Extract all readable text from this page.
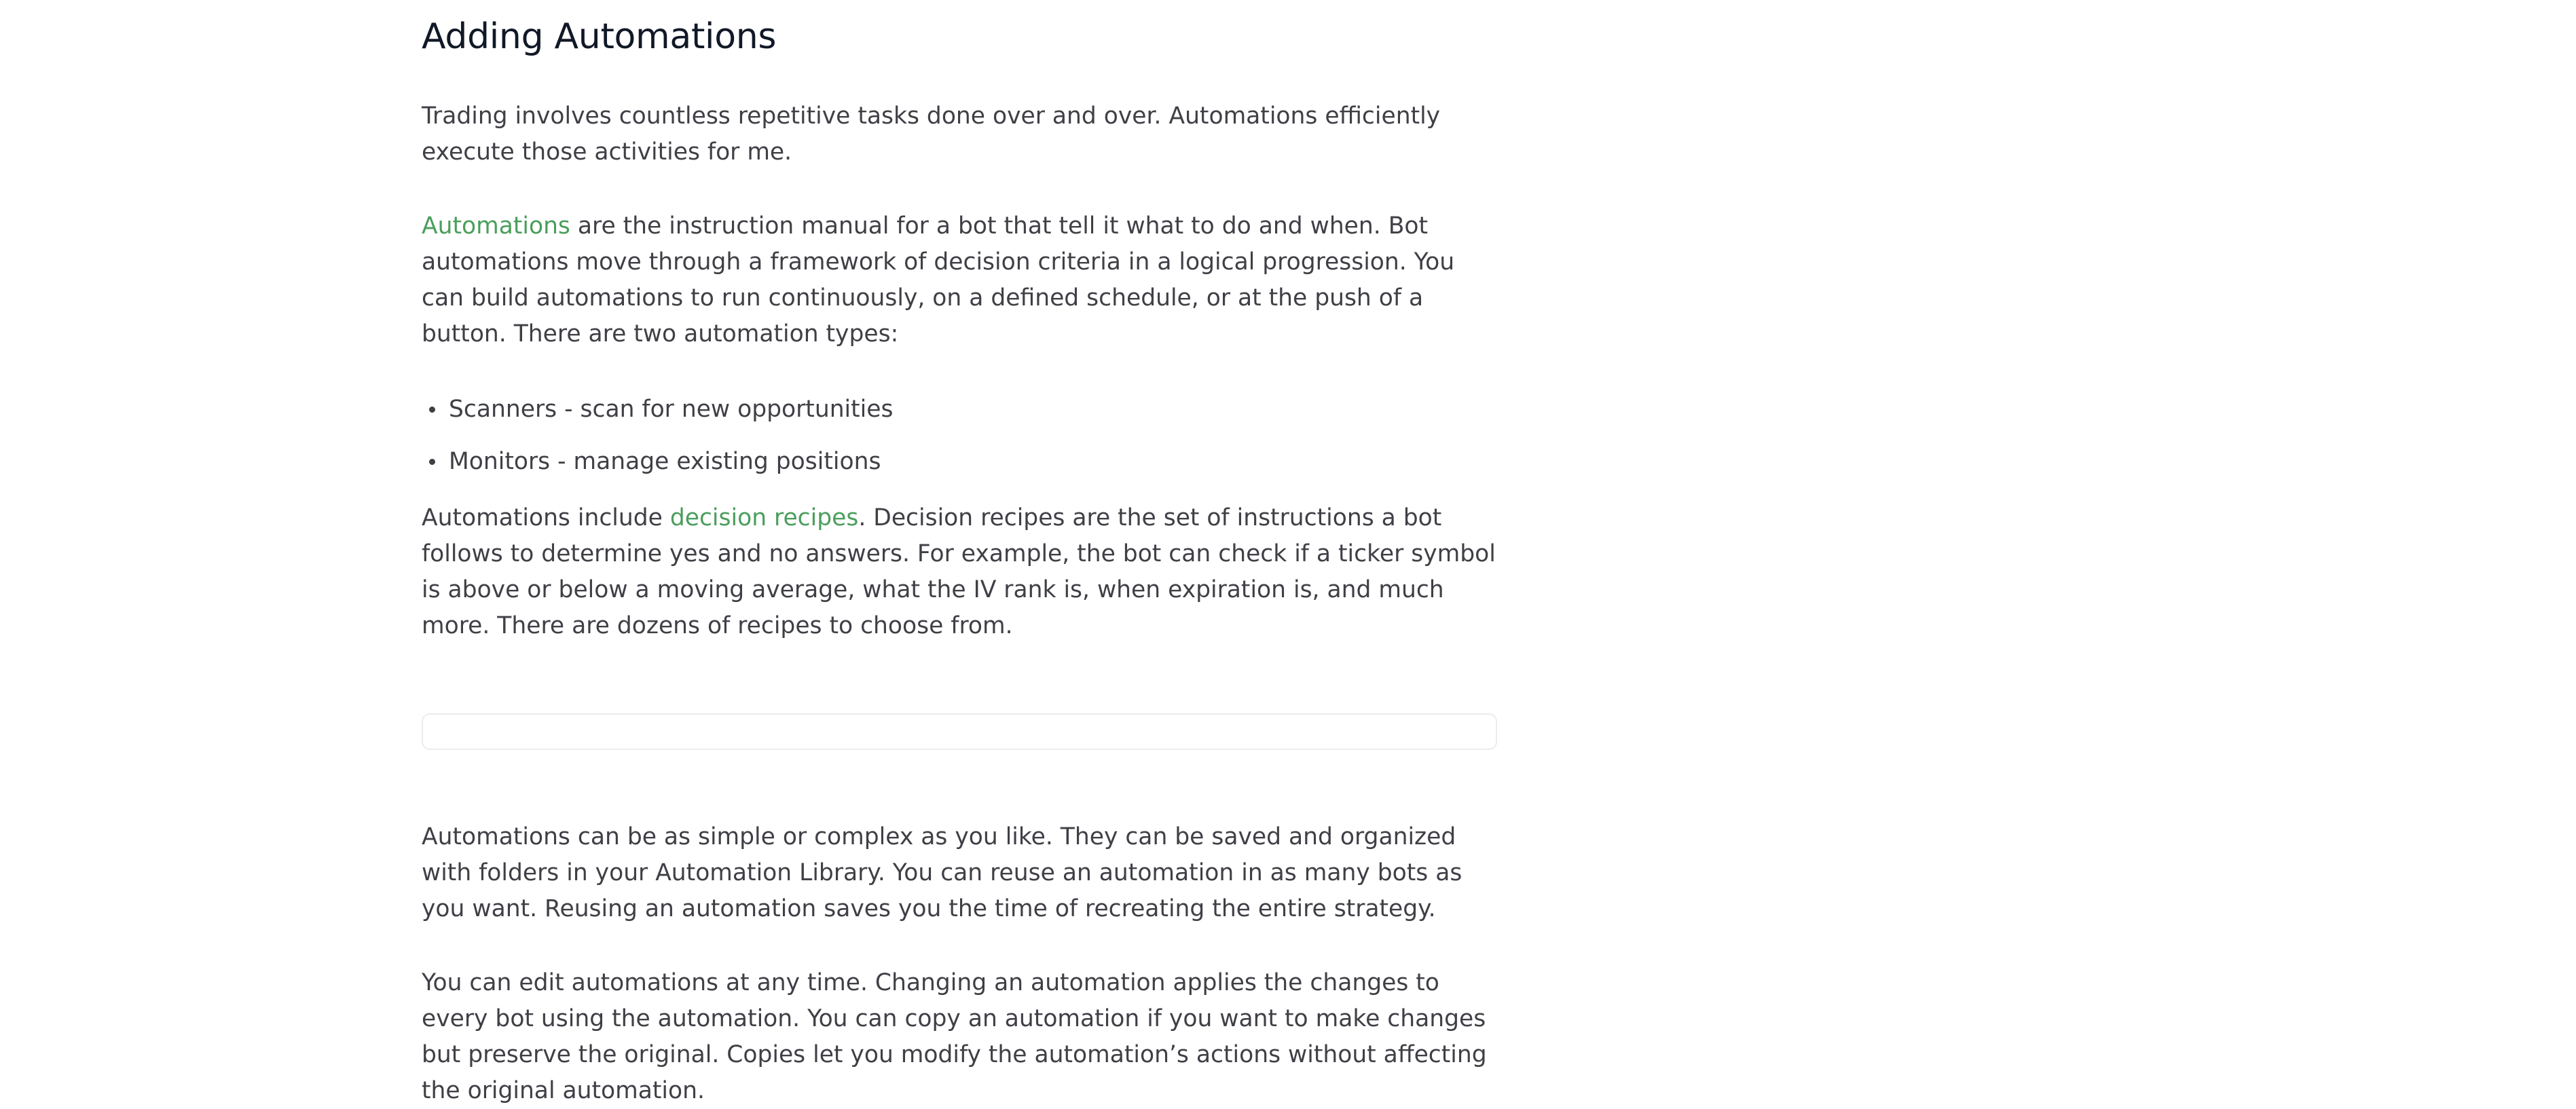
Adding Automations

Trading involves countless repetitive tasks done over and over. Automations efficiently execute those activities for me.

Automations are the instruction manual for a bot that tell it what to do and when. Bot automations move through a framework of decision criteria in a logical progression. You can build automations to run continuously, on a defined schedule, or at the push of a button. There are two automation types:

Scanners - scan for new opportunities
Monitors - manage existing positions

Automations include decision recipes. Decision recipes are the set of instructions a bot follows to determine yes and no answers. For example, the bot can check if a ticker symbol is above or below a moving average, what the IV rank is, when expiration is, and much more. There are dozens of recipes to choose from.

Automations can be as simple or complex as you like. They can be saved and organized with folders in your Automation Library. You can reuse an automation in as many bots as you want. Reusing an automation saves you the time of recreating the entire strategy.

You can edit automations at any time. Changing an automation applies the changes to every bot using the automation. You can copy an automation if you want to make changes but preserve the original. Copies let you modify the automation’s actions without affecting the original automation.
